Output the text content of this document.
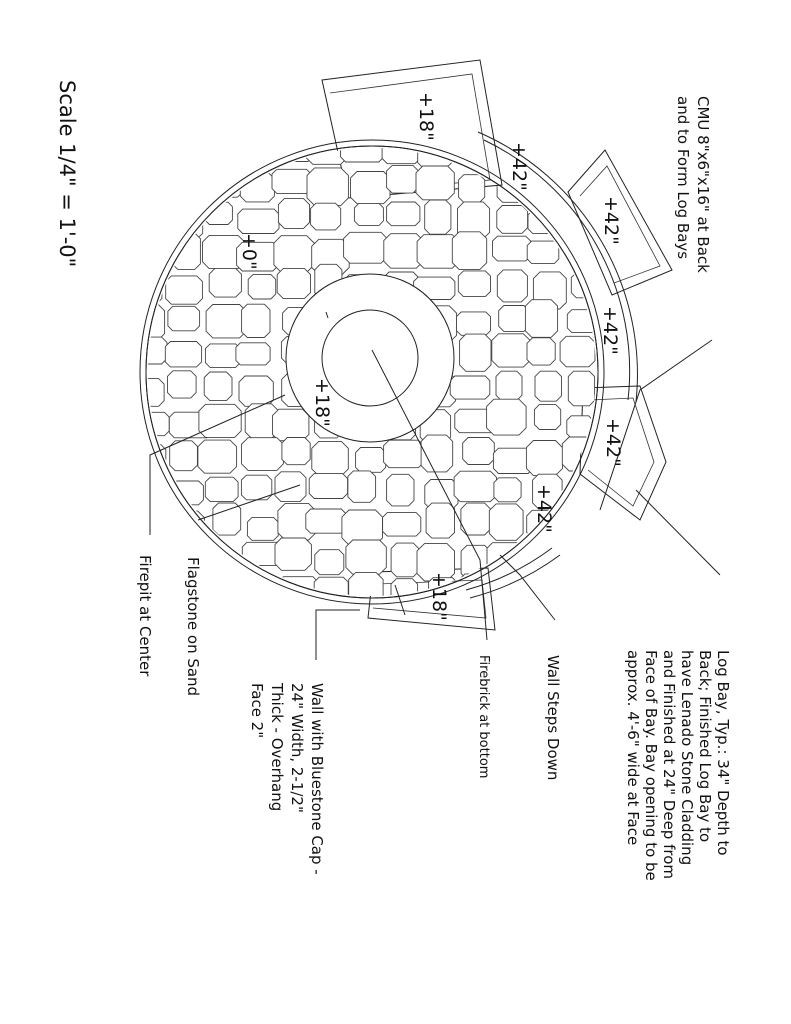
Scale 1/4" = 1'-0"	CMU 8"x6"x16" at Back
and to Form Log Bays
Log Bay, Typ.: 34" Depth to
Back; Finished Log Bay to
have Lenado Stone Cladding
and Finished at 24" Deep from
Face of Bay. Bay opening to be
approx. 4'-6" wide at Face
Wall Steps Down
Firebrick at bottom
Wall with Bluestone Cap -
24" Width, 2-1/2"
Thick - Overhang
Face 2"
Flagstone on Sand
Firepit at Center
+18"
+42"
+42"
+42"
+42"
+42"
+18"
+0"
+18"
